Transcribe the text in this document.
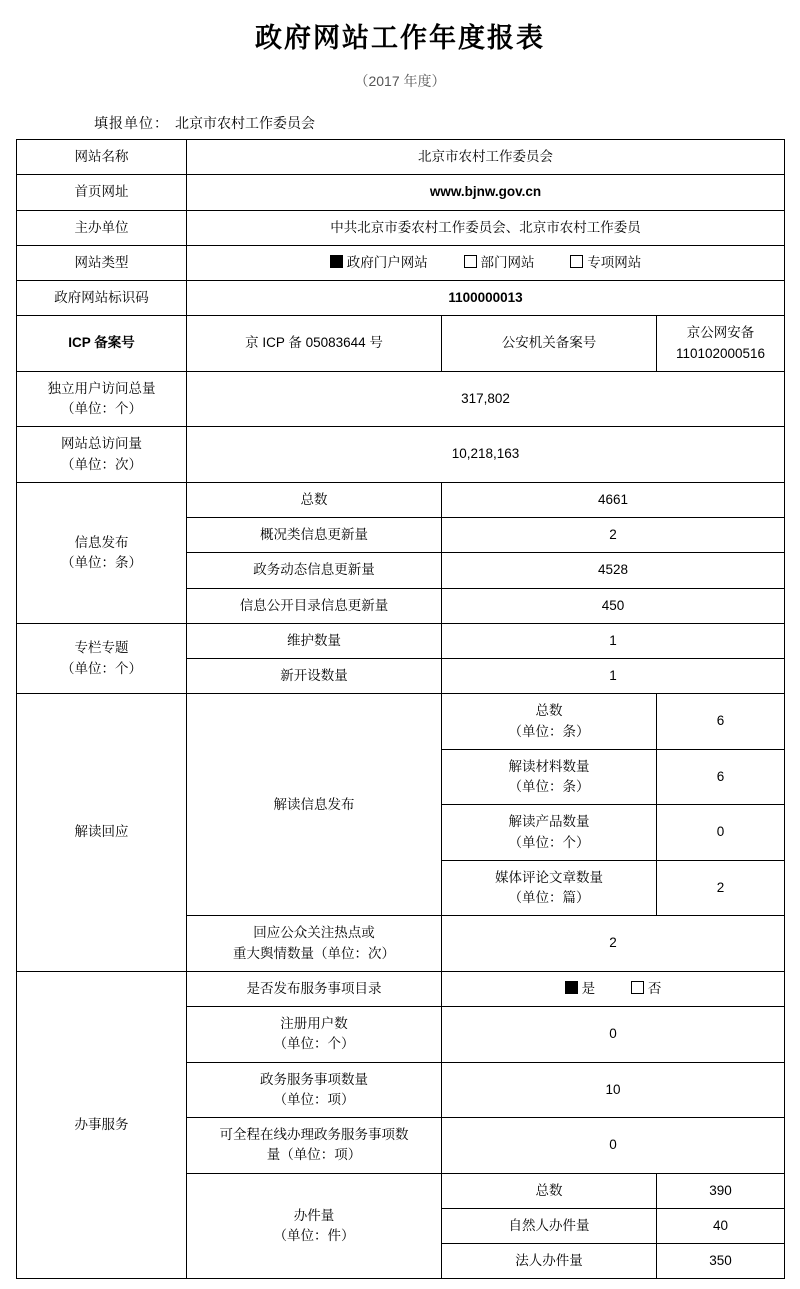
政府网站工作年度报表
（2017 年度）
填报单位： 北京市农村工作委员会
网站名称	北京市农村工作委员会		
首页网址	www.bjnw.gov.cn		
主办单位	中共北京市委农村工作委员会、北京市农村工作委员		
网站类型	政府门户网站 部门网站 专项网站		
政府网站标识码	1100000013		
ICP 备案号	京 ICP 备 05083644 号	公安机关备案号	京公网安备
110102000516
独立用户访问总量
（单位：个）	317,802		
网站总访问量
（单位：次）	10,218,163		
信息发布
（单位：条）	总数	4661	
	概况类信息更新量	2	
	政务动态信息更新量	4528	
	信息公开目录信息更新量	450	
专栏专题
（单位：个）	维护数量	1	
	新开设数量	1	
解读回应	解读信息发布	总数
（单位：条）	6
		解读材料数量
（单位：条）	6
		解读产品数量
（单位：个）	0
		媒体评论文章数量
（单位：篇）	2
	回应公众关注热点或
重大舆情数量（单位：次）	2	
办事服务	是否发布服务事项目录	是 否	
	注册用户数
（单位：个）	0	
	政务服务事项数量
（单位：项）	10	
	可全程在线办理政务服务事项数
量（单位：项）	0	
	办件量
（单位：件）	总数	390
		自然人办件量	40
		法人办件量	350
